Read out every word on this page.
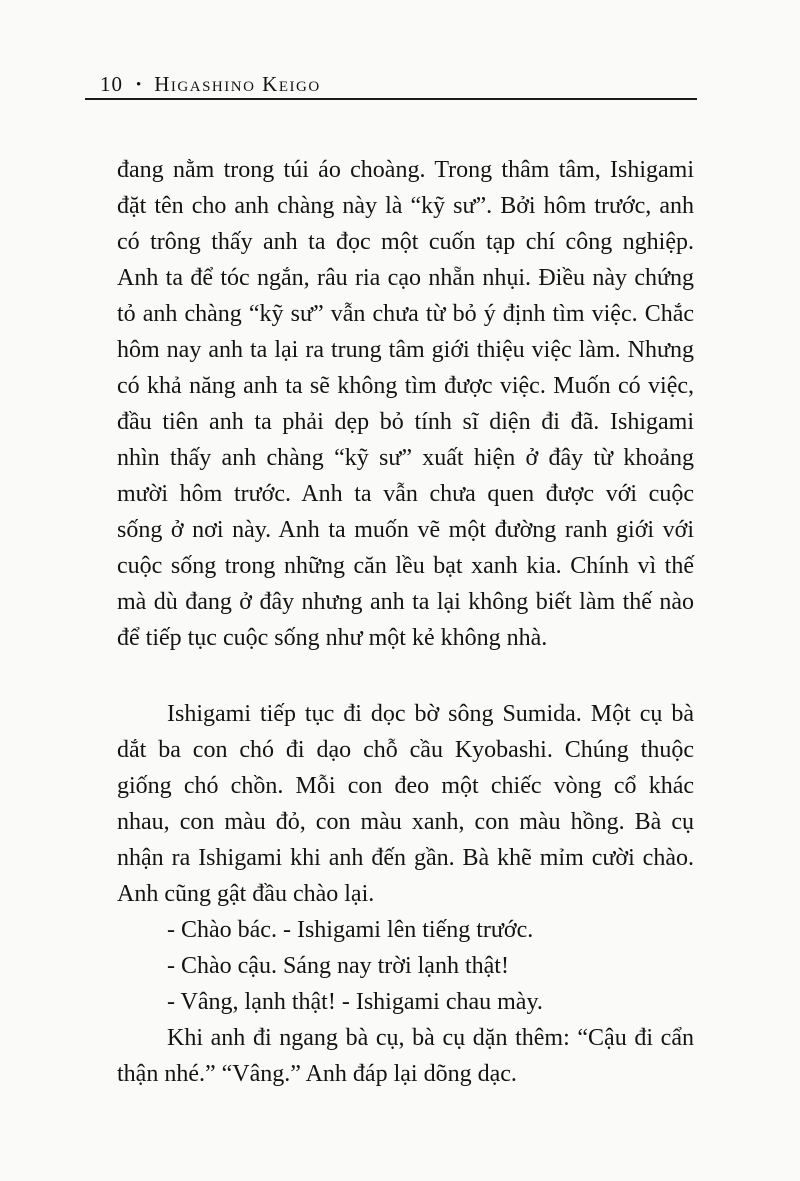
10 • Higashino Keigo
đang nằm trong túi áo choàng. Trong thâm tâm, Ishigami
đặt tên cho anh chàng này là “kỹ sư”. Bởi hôm trước, anh
có trông thấy anh ta đọc một cuốn tạp chí công nghiệp.
Anh ta để tóc ngắn, râu ria cạo nhẵn nhụi. Điều này chứng
tỏ anh chàng “kỹ sư” vẫn chưa từ bỏ ý định tìm việc. Chắc
hôm nay anh ta lại ra trung tâm giới thiệu việc làm. Nhưng
có khả năng anh ta sẽ không tìm được việc. Muốn có việc,
đầu tiên anh ta phải dẹp bỏ tính sĩ diện đi đã. Ishigami
nhìn thấy anh chàng “kỹ sư” xuất hiện ở đây từ khoảng
mười hôm trước. Anh ta vẫn chưa quen được với cuộc
sống ở nơi này. Anh ta muốn vẽ một đường ranh giới với
cuộc sống trong những căn lều bạt xanh kia. Chính vì thế
mà dù đang ở đây nhưng anh ta lại không biết làm thế nào
để tiếp tục cuộc sống như một kẻ không nhà.
Ishigami tiếp tục đi dọc bờ sông Sumida. Một cụ bà
dắt ba con chó đi dạo chỗ cầu Kyobashi. Chúng thuộc
giống chó chồn. Mỗi con đeo một chiếc vòng cổ khác
nhau, con màu đỏ, con màu xanh, con màu hồng. Bà cụ
nhận ra Ishigami khi anh đến gần. Bà khẽ mỉm cười chào.
Anh cũng gật đầu chào lại.
- Chào bác. - Ishigami lên tiếng trước.
- Chào cậu. Sáng nay trời lạnh thật!
- Vâng, lạnh thật! - Ishigami chau mày.
Khi anh đi ngang bà cụ, bà cụ dặn thêm: “Cậu đi cẩn
thận nhé.” “Vâng.” Anh đáp lại dõng dạc.
